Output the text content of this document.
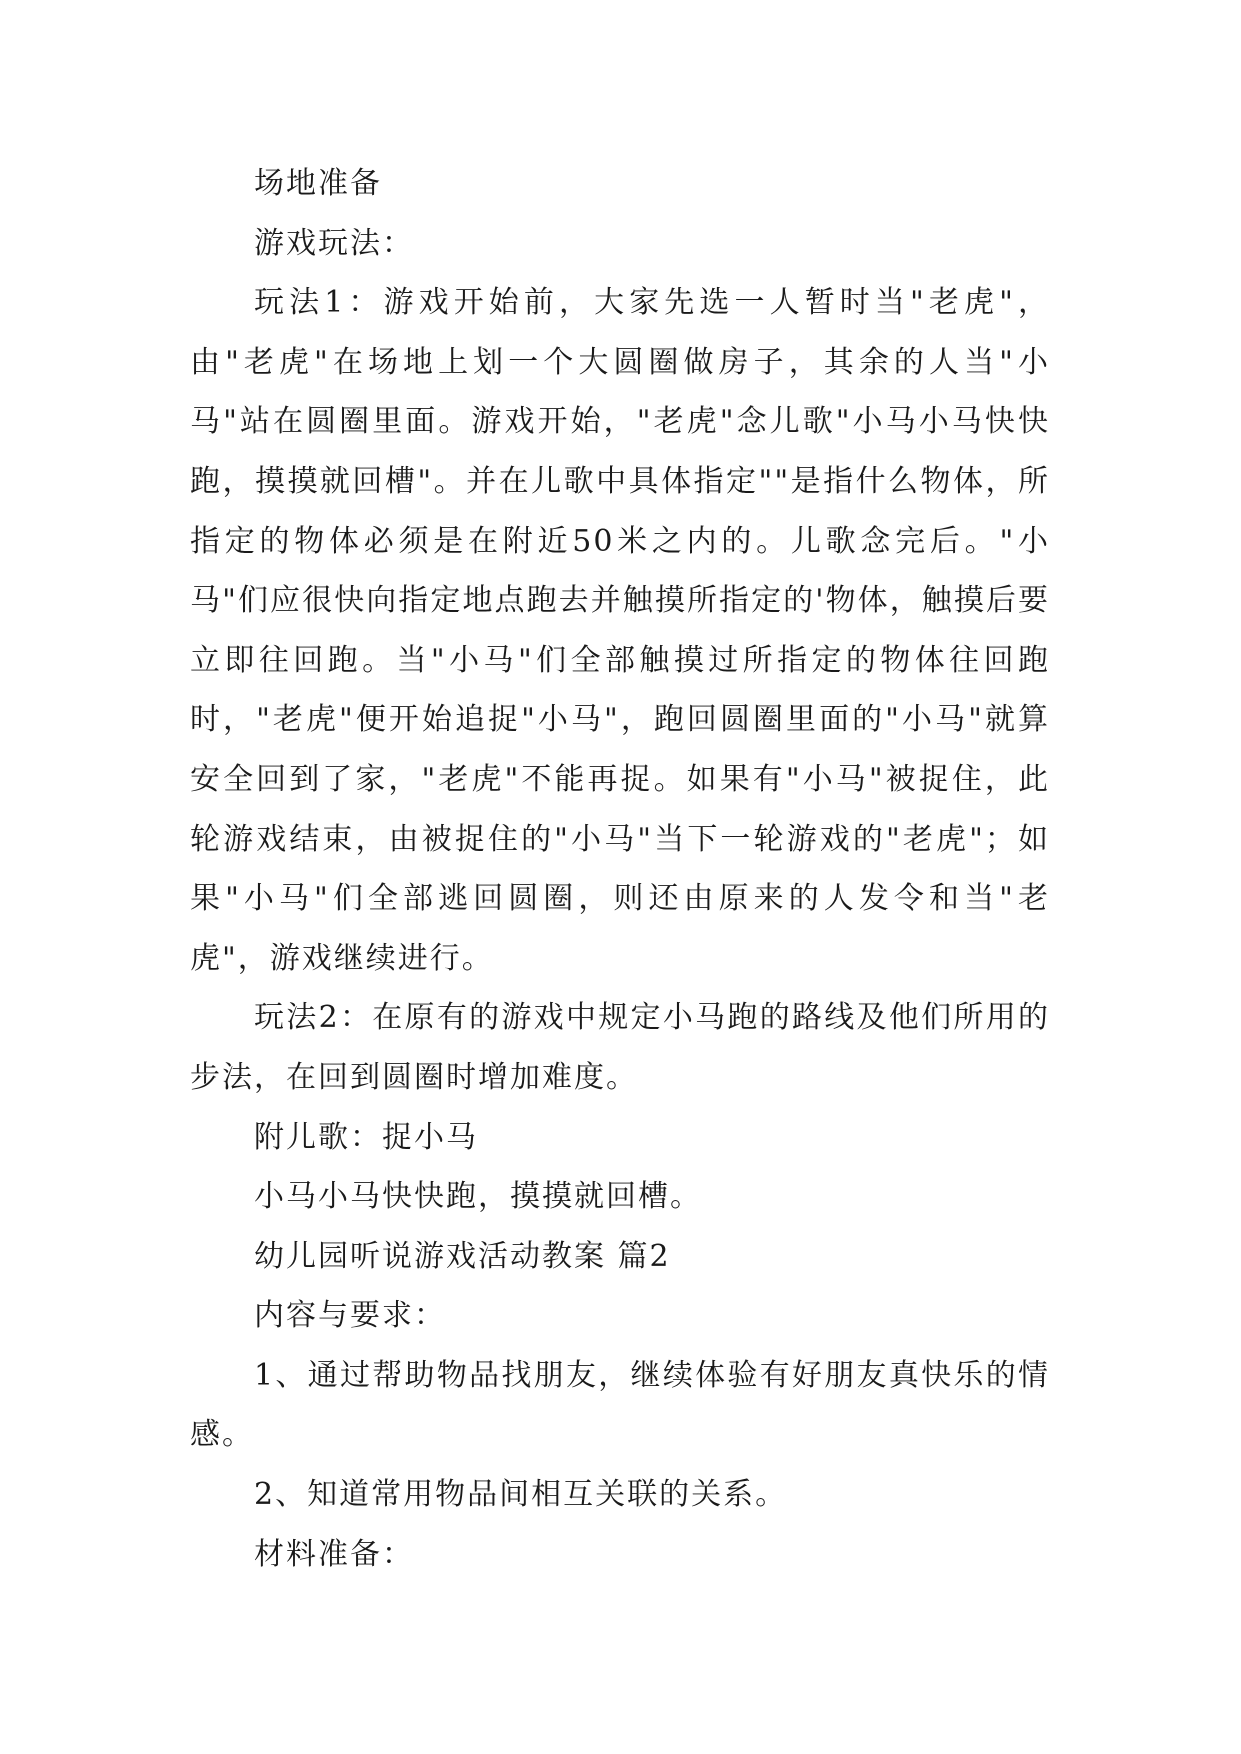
场地准备

游戏玩法：

玩法1：游戏开始前，大家先选一人暂时当"老虎"，由"老虎"在场地上划一个大圆圈做房子，其余的人当"小马"站在圆圈里面。游戏开始，"老虎"念儿歌"小马小马快快跑，摸摸就回槽"。并在儿歌中具体指定""是指什么物体，所指定的物体必须是在附近50米之内的。儿歌念完后。"小马"们应很快向指定地点跑去并触摸所指定的'物体，触摸后要立即往回跑。当"小马"们全部触摸过所指定的物体往回跑时，"老虎"便开始追捉"小马"，跑回圆圈里面的"小马"就算安全回到了家，"老虎"不能再捉。如果有"小马"被捉住，此轮游戏结束，由被捉住的"小马"当下一轮游戏的"老虎"；如果"小马"们全部逃回圆圈，则还由原来的人发令和当"老虎"，游戏继续进行。

玩法2：在原有的游戏中规定小马跑的路线及他们所用的步法，在回到圆圈时增加难度。

附儿歌：捉小马

小马小马快快跑，摸摸就回槽。

幼儿园听说游戏活动教案 篇2

内容与要求：

1、通过帮助物品找朋友，继续体验有好朋友真快乐的情感。

2、知道常用物品间相互关联的关系。

材料准备：
